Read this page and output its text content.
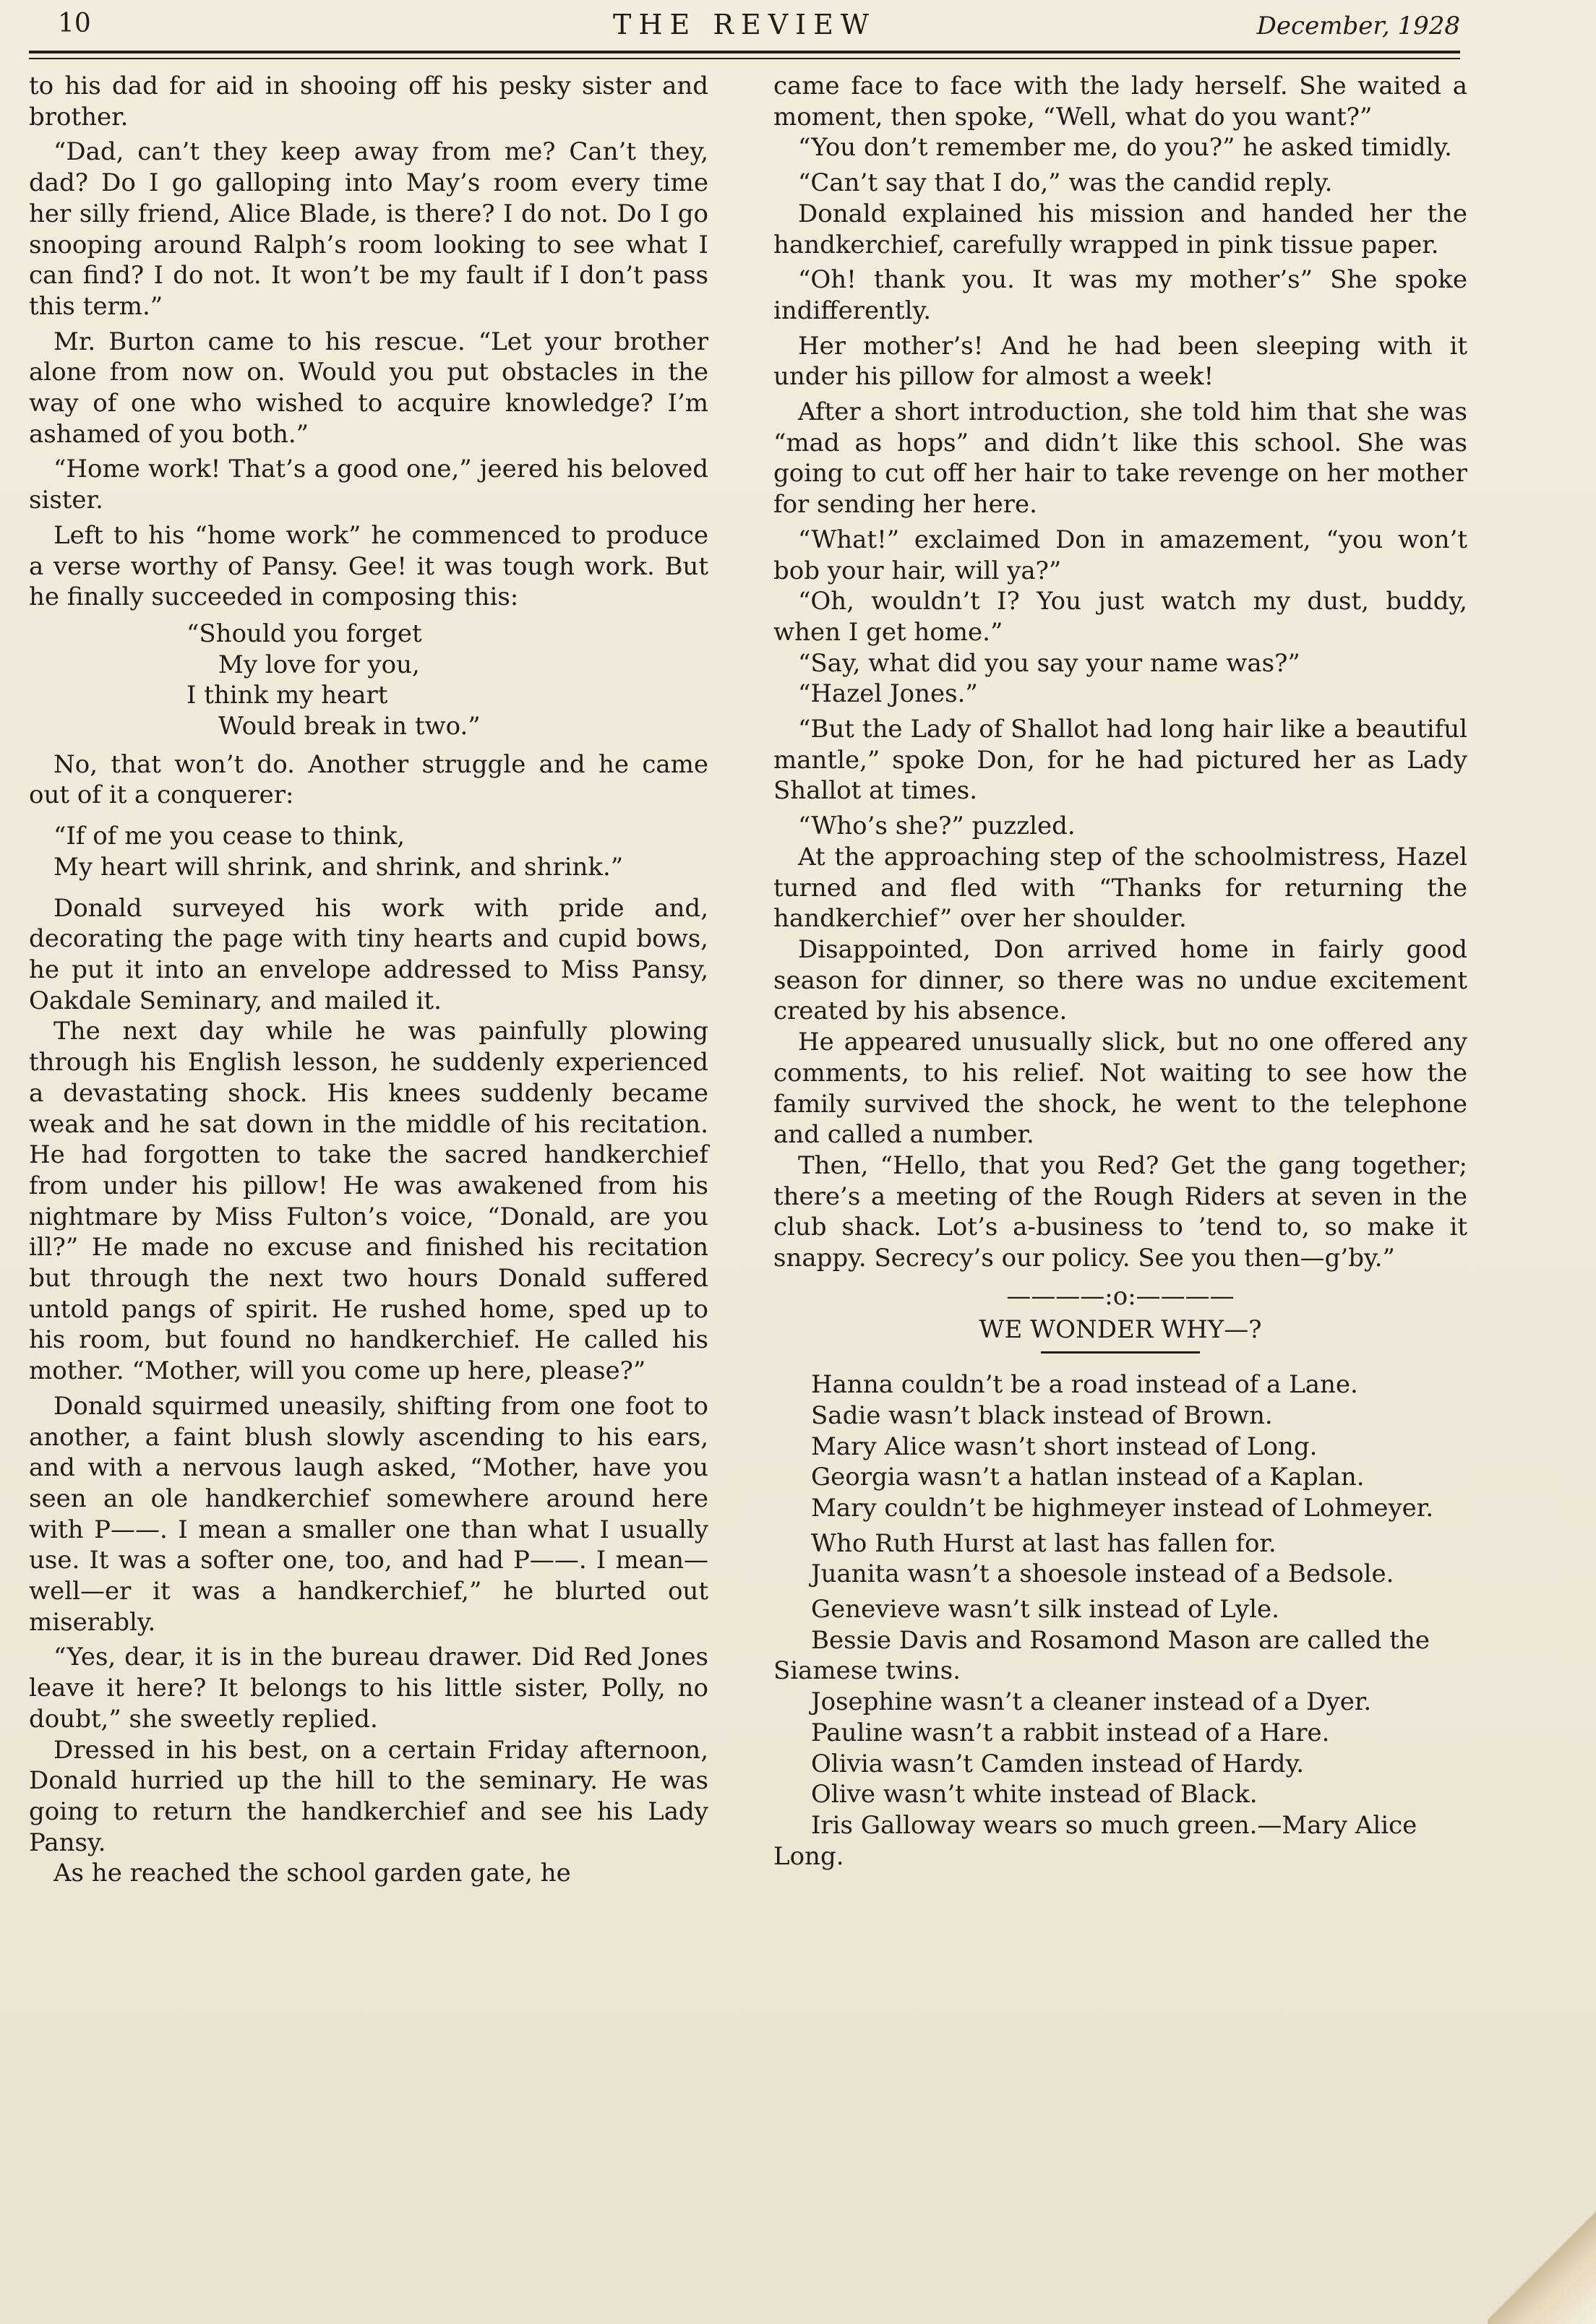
10	THE REVIEW	December, 1928

to his dad for aid in shooing off his pesky sister and brother.

“Dad, can’t they keep away from me? Can’t they, dad? Do I go galloping into May’s room every time her silly friend, Alice Blade, is there? I do not. Do I go snooping around Ralph’s room looking to see what I can find? I do not. It won’t be my fault if I don’t pass this term.”

Mr. Burton came to his rescue. “Let your brother alone from now on. Would you put obstacles in the way of one who wished to acquire knowledge? I’m ashamed of you both.”

“Home work! That’s a good one,” jeered his beloved sister.

Left to his “home work” he commenced to produce a verse worthy of Pansy. Gee! it was tough work. But he finally succeeded in composing this:

“Should you forget
My love for you,
I think my heart
Would break in two.”

No, that won’t do. Another struggle and he came out of it a conquerer:

“If of me you cease to think,
My heart will shrink, and shrink, and shrink.”

Donald surveyed his work with pride and, decorating the page with tiny hearts and cupid bows, he put it into an envelope addressed to Miss Pansy, Oakdale Seminary, and mailed it.

The next day while he was painfully plowing through his English lesson, he suddenly experienced a devastating shock. His knees suddenly became weak and he sat down in the middle of his recitation. He had forgotten to take the sacred handkerchief from under his pillow! He was awakened from his nightmare by Miss Fulton’s voice, “Donald, are you ill?” He made no excuse and finished his recitation but through the next two hours Donald suffered untold pangs of spirit. He rushed home, sped up to his room, but found no handkerchief. He called his mother. “Mother, will you come up here, please?”

Donald squirmed uneasily, shifting from one foot to another, a faint blush slowly ascending to his ears, and with a nervous laugh asked, “Mother, have you seen an ole handkerchief somewhere around here with P——. I mean a smaller one than what I usually use. It was a softer one, too, and had P——. I mean—well—er it was a handkerchief,” he blurted out miserably.

“Yes, dear, it is in the bureau drawer. Did Red Jones leave it here? It belongs to his little sister, Polly, no doubt,” she sweetly replied.

Dressed in his best, on a certain Friday afternoon, Donald hurried up the hill to the seminary. He was going to return the handkerchief and see his Lady Pansy.

As he reached the school garden gate, he

came face to face with the lady herself. She waited a moment, then spoke, “Well, what do you want?”

“You don’t remember me, do you?” he asked timidly.

“Can’t say that I do,” was the candid reply.

Donald explained his mission and handed her the handkerchief, carefully wrapped in pink tissue paper.

“Oh! thank you. It was my mother’s” She spoke indifferently.

Her mother’s! And he had been sleeping with it under his pillow for almost a week!

After a short introduction, she told him that she was “mad as hops” and didn’t like this school. She was going to cut off her hair to take revenge on her mother for sending her here.

“What!” exclaimed Don in amazement, “you won’t bob your hair, will ya?”

“Oh, wouldn’t I? You just watch my dust, buddy, when I get home.”

“Say, what did you say your name was?”

“Hazel Jones.”

“But the Lady of Shallot had long hair like a beautiful mantle,” spoke Don, for he had pictured her as Lady Shallot at times.

“Who’s she?” puzzled.

At the approaching step of the schoolmistress, Hazel turned and fled with “Thanks for returning the handkerchief” over her shoulder.

Disappointed, Don arrived home in fairly good season for dinner, so there was no undue excitement created by his absence.

He appeared unusually slick, but no one offered any comments, to his relief. Not waiting to see how the family survived the shock, he went to the telephone and called a number.

Then, “Hello, that you Red? Get the gang together; there’s a meeting of the Rough Riders at seven in the club shack. Lot’s a-business to ’tend to, so make it snappy. Secrecy’s our policy. See you then—g’by.”

————:o:————
WE WONDER WHY—?

Hanna couldn’t be a road instead of a Lane.

Sadie wasn’t black instead of Brown.

Mary Alice wasn’t short instead of Long.

Georgia wasn’t a hatlan instead of a Kaplan.

Mary couldn’t be highmeyer instead of Lohmeyer.

Who Ruth Hurst at last has fallen for.

Juanita wasn’t a shoesole instead of a Bedsole.

Genevieve wasn’t silk instead of Lyle.

Bessie Davis and Rosamond Mason are called the Siamese twins.

Josephine wasn’t a cleaner instead of a Dyer.

Pauline wasn’t a rabbit instead of a Hare.

Olivia wasn’t Camden instead of Hardy.

Olive wasn’t white instead of Black.

Iris Galloway wears so much green.—Mary Alice Long.
